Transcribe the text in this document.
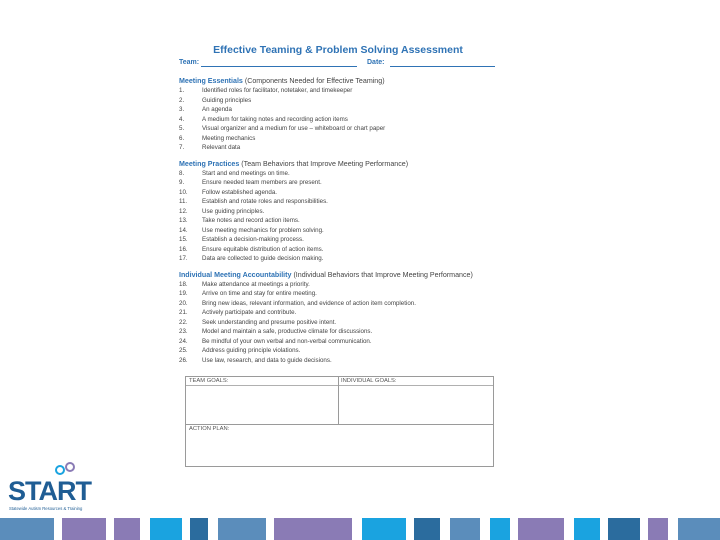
Effective Teaming & Problem Solving Assessment
Team:	Date:
Meeting Essentials (Components Needed for Effective Teaming)
1.	Identified roles for facilitator, notetaker, and timekeeper
2.	Guiding principles
3.	An agenda
4.	A medium for taking notes and recording action items
5.	Visual organizer and a medium for use – whiteboard or chart paper
6.	Meeting mechanics
7.	Relevant data
Meeting Practices (Team Behaviors that Improve Meeting Performance)
8.	Start and end meetings on time.
9.	Ensure needed team members are present.
10.	Follow established agenda.
11.	Establish and rotate roles and responsibilities.
12.	Use guiding principles.
13.	Take notes and record action items.
14.	Use meeting mechanics for problem solving.
15.	Establish a decision-making process.
16.	Ensure equitable distribution of action items.
17.	Data are collected to guide decision making.
Individual Meeting Accountability (Individual Behaviors that Improve Meeting Performance)
18.	Make attendance at meetings a priority.
19.	Arrive on time and stay for entire meeting.
20.	Bring new ideas, relevant information, and evidence of action item completion.
21.	Actively participate and contribute.
22.	Seek understanding and presume positive intent.
23.	Model and maintain a safe, productive climate for discussions.
24.	Be mindful of your own verbal and non-verbal communication.
25.	Address guiding principle violations.
26.	Use law, research, and data to guide decisions.
TEAM GOALS:	INDIVIDUAL GOALS:
ACTION PLAN:
START
Statewide Autism Resources & Training
